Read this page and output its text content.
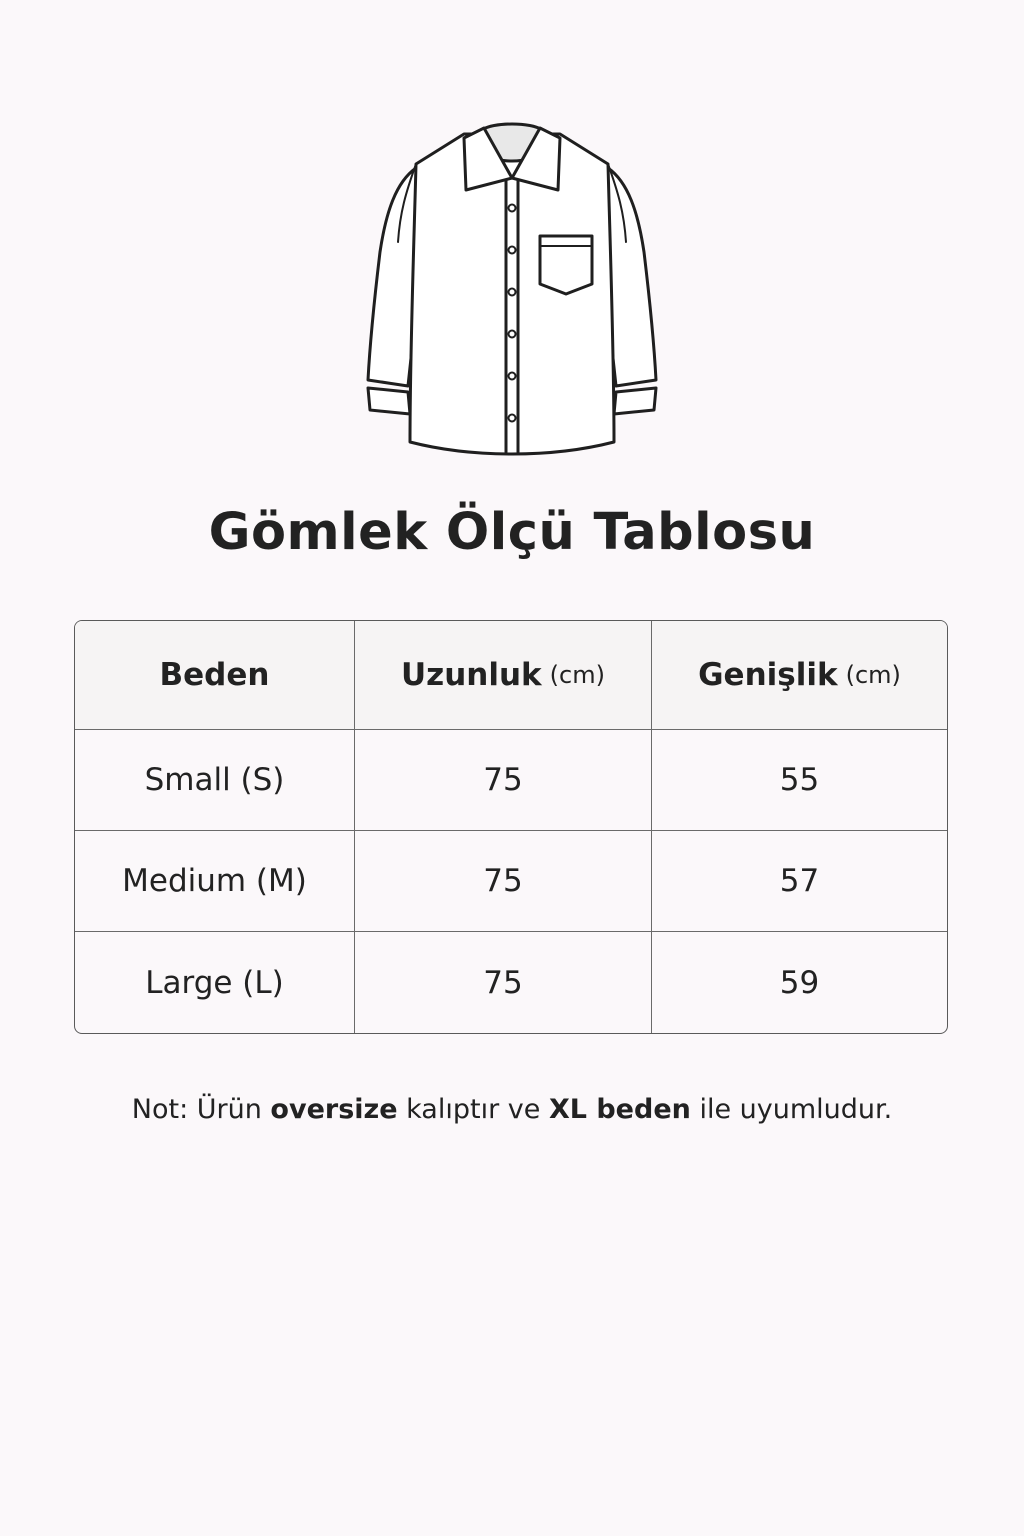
Gömlek Ölçü Tablosu
Beden	Uzunluk (cm)	Genişlik (cm)
Small (S)	75	55
Medium (M)	75	57
Large (L)	75	59
Not: Ürün oversize kalıptır ve XL beden ile uyumludur.
